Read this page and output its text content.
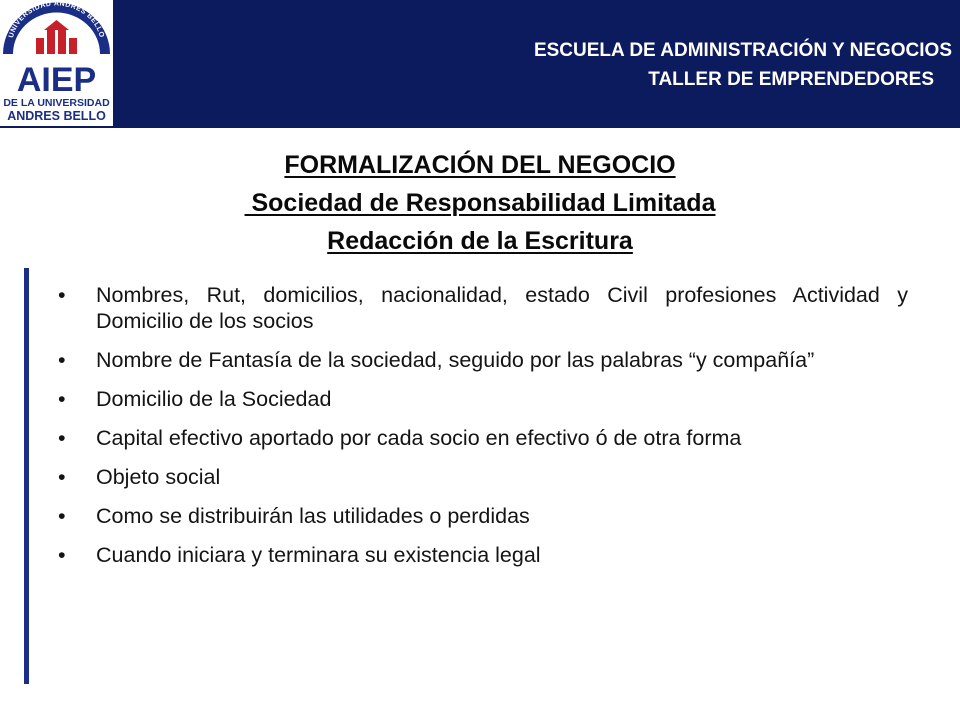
UNIVERSIDAD ANDRES BELLO
AIEP
DE LA UNIVERSIDAD
ANDRES BELLO
ESCUELA DE ADMINISTRACIÓN Y NEGOCIOS
TALLER DE EMPRENDEDORES
FORMALIZACIÓN DEL NEGOCIO
Sociedad de Responsabilidad Limitada
Redacción de la Escritura
• Nombres, Rut, domicilios, nacionalidad, estado Civil profesiones Actividad y Domicilio de los socios
• Nombre de Fantasía de la sociedad, seguido por las palabras “y compañía”
• Domicilio de la Sociedad
• Capital efectivo aportado por cada socio en efectivo ó de otra forma
• Objeto social
• Como se distribuirán las utilidades o perdidas
• Cuando iniciara y terminara su existencia legal
